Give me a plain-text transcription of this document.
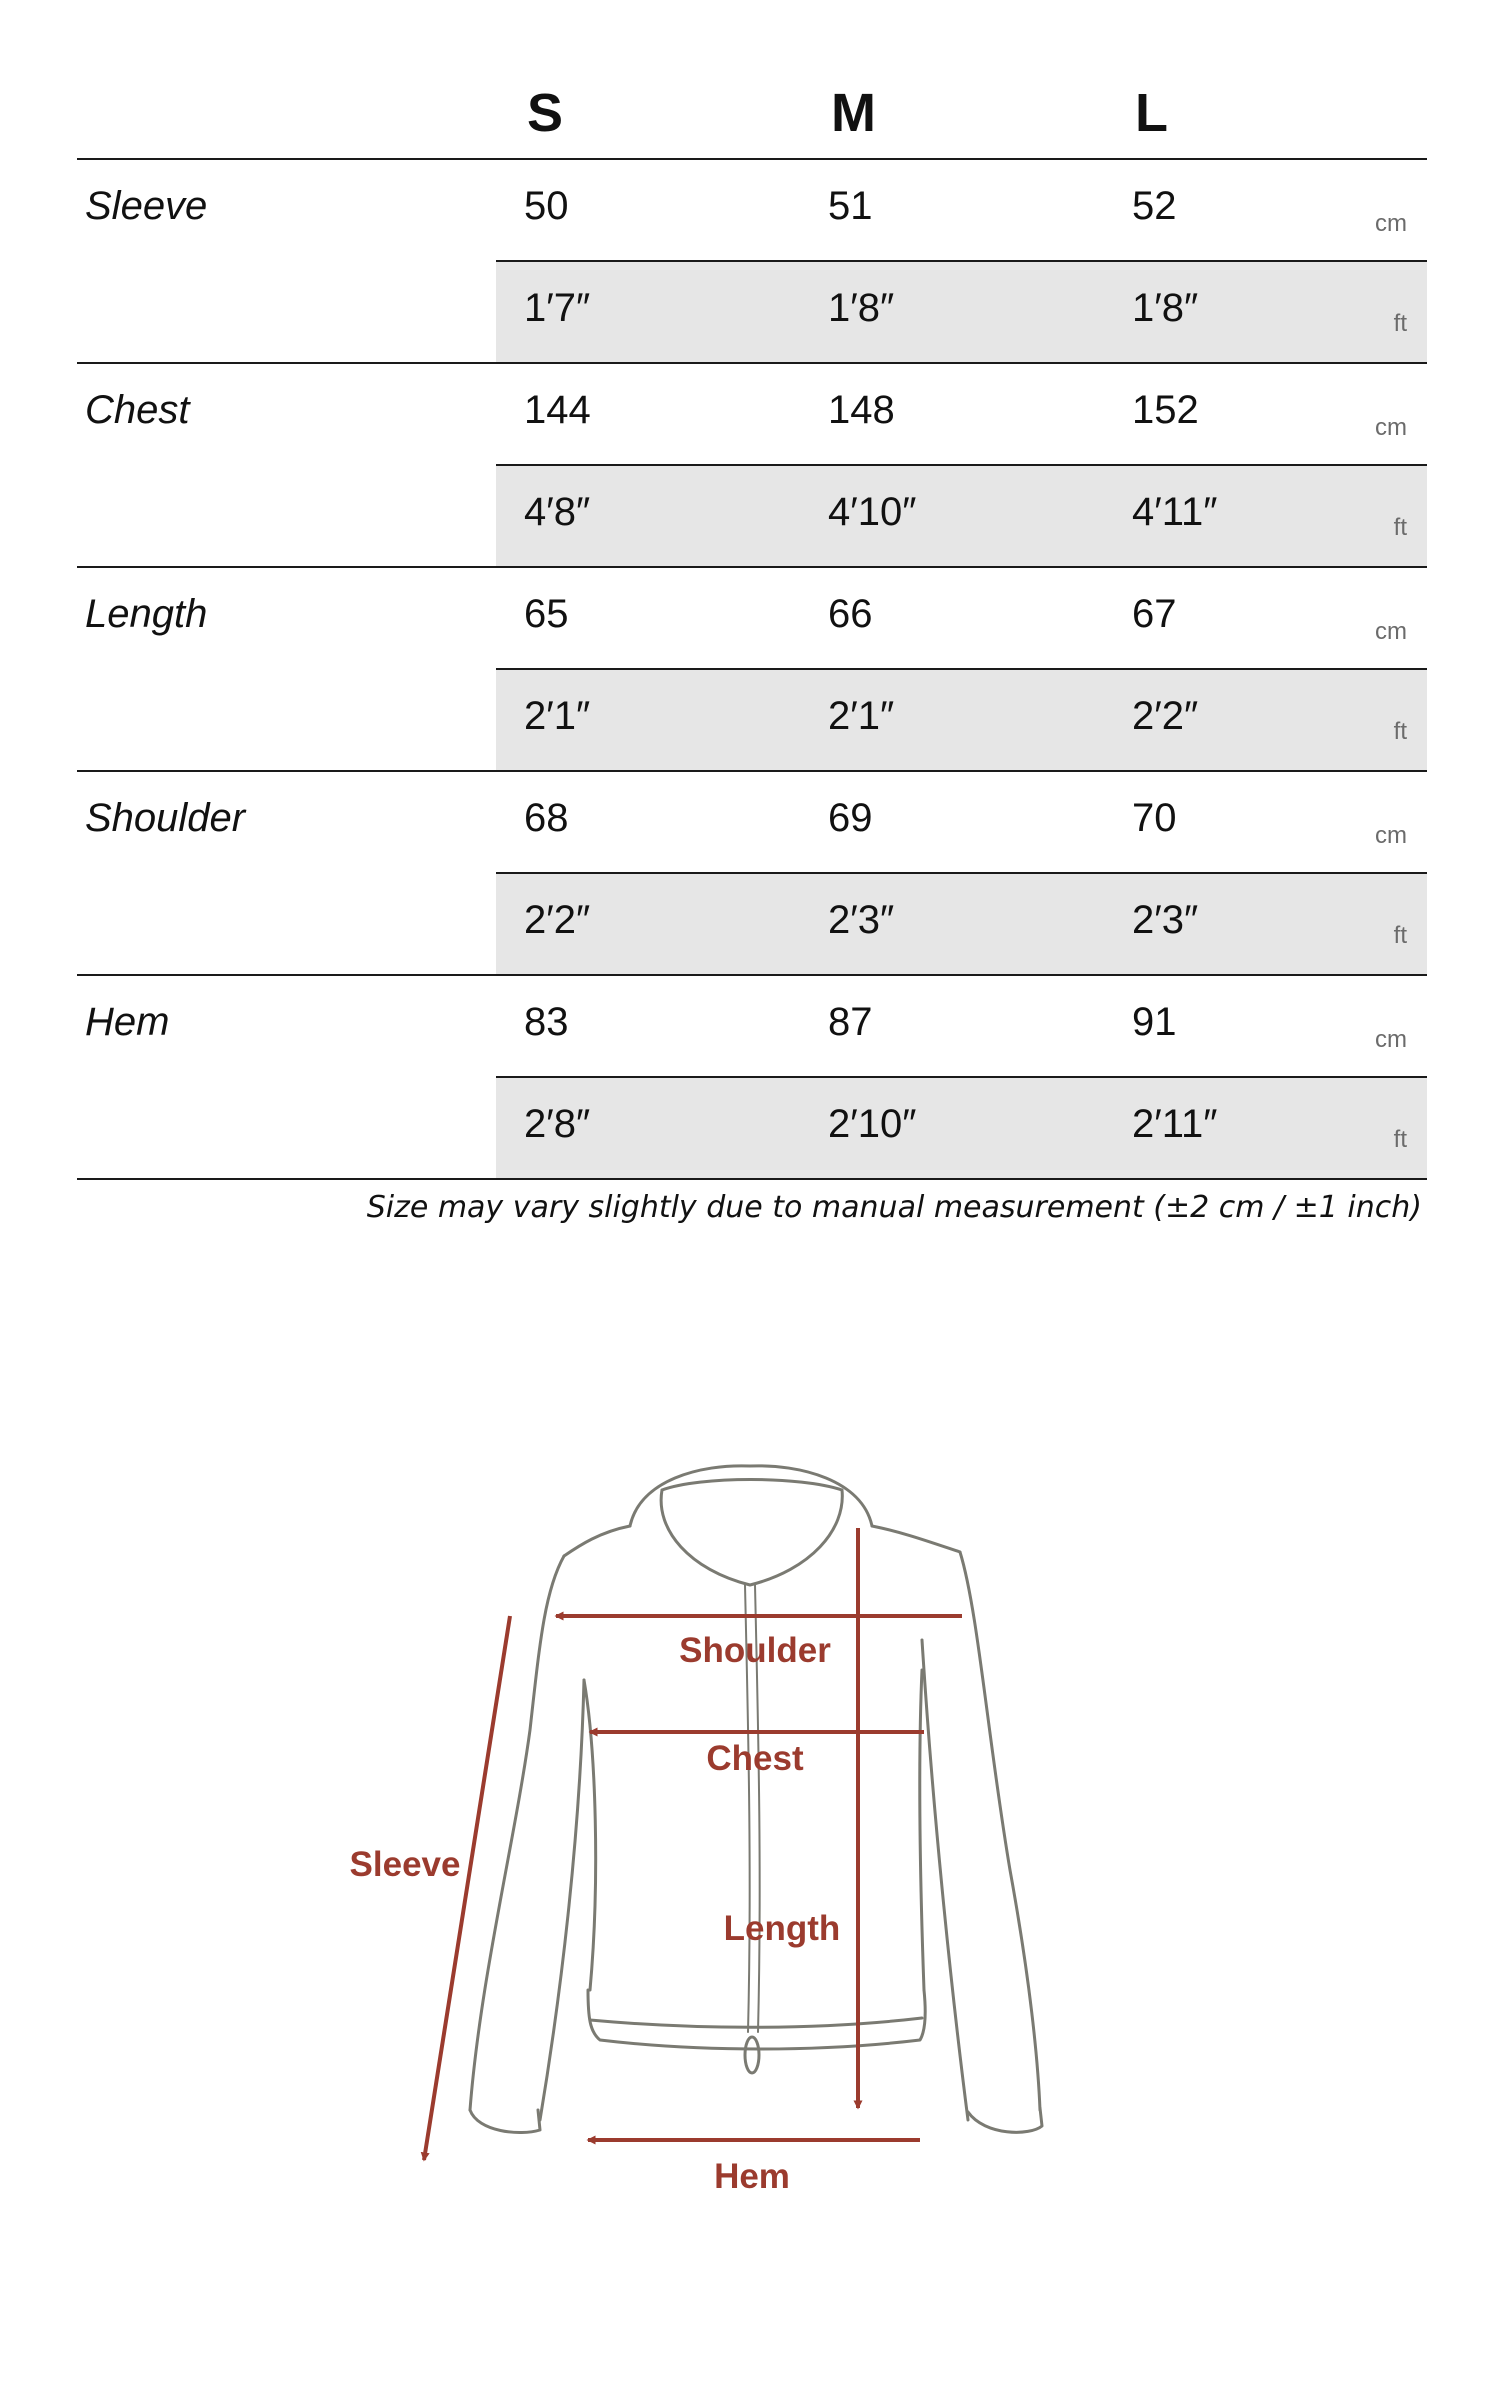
S	M	L
Sleeve	50	51	52	cm
1′7″	1′8″	1′8″	ft
Chest	144	148	152	cm
4′8″	4′10″	4′11″	ft
Length	65	66	67	cm
2′1″	2′1″	2′2″	ft
Shoulder	68	69	70	cm
2′2″	2′3″	2′3″	ft
Hem	83	87	91	cm
2′8″	2′10″	2′11″	ft
Size may vary slightly due to manual measurement (±2 cm / ±1 inch)
Shoulder
Chest
Sleeve
Length
Hem
